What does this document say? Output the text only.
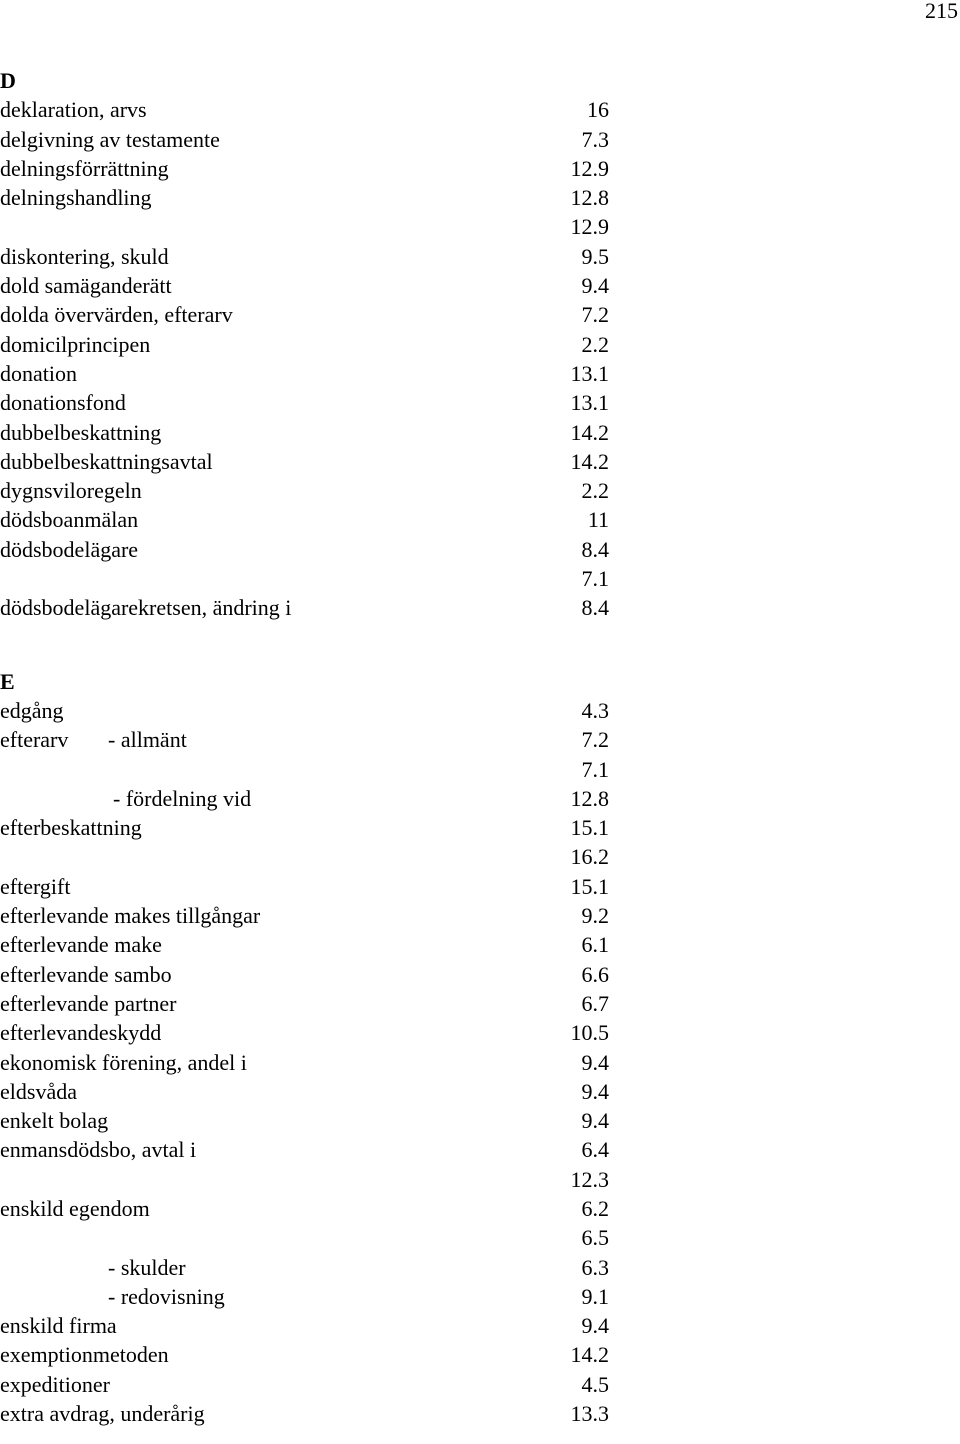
215
D
deklaration, arvs	16
delgivning av testamente	7.3
delningsförrättning	12.9
delningshandling	12.8
12.9
diskontering, skuld	9.5
dold samäganderätt	9.4
dolda övervärden, efterarv	7.2
domicilprincipen	2.2
donation	13.1
donationsfond	13.1
dubbelbeskattning	14.2
dubbelbeskattningsavtal	14.2
dygnsviloregeln	2.2
dödsboanmälan	11
dödsbodelägare	8.4
7.1
dödsbodelägarekretsen, ändring i	8.4
E
edgång	4.3
efterarv - allmänt	7.2
7.1
- fördelning vid	12.8
efterbeskattning	15.1
16.2
eftergift	15.1
efterlevande makes tillgångar	9.2
efterlevande make	6.1
efterlevande sambo	6.6
efterlevande partner	6.7
efterlevandeskydd	10.5
ekonomisk förening, andel i	9.4
eldsvåda	9.4
enkelt bolag	9.4
enmansdödsbo, avtal i	6.4
12.3
enskild egendom	6.2
6.5
- skulder	6.3
- redovisning	9.1
enskild firma	9.4
exemptionmetoden	14.2
expeditioner	4.5
extra avdrag, underårig	13.3
